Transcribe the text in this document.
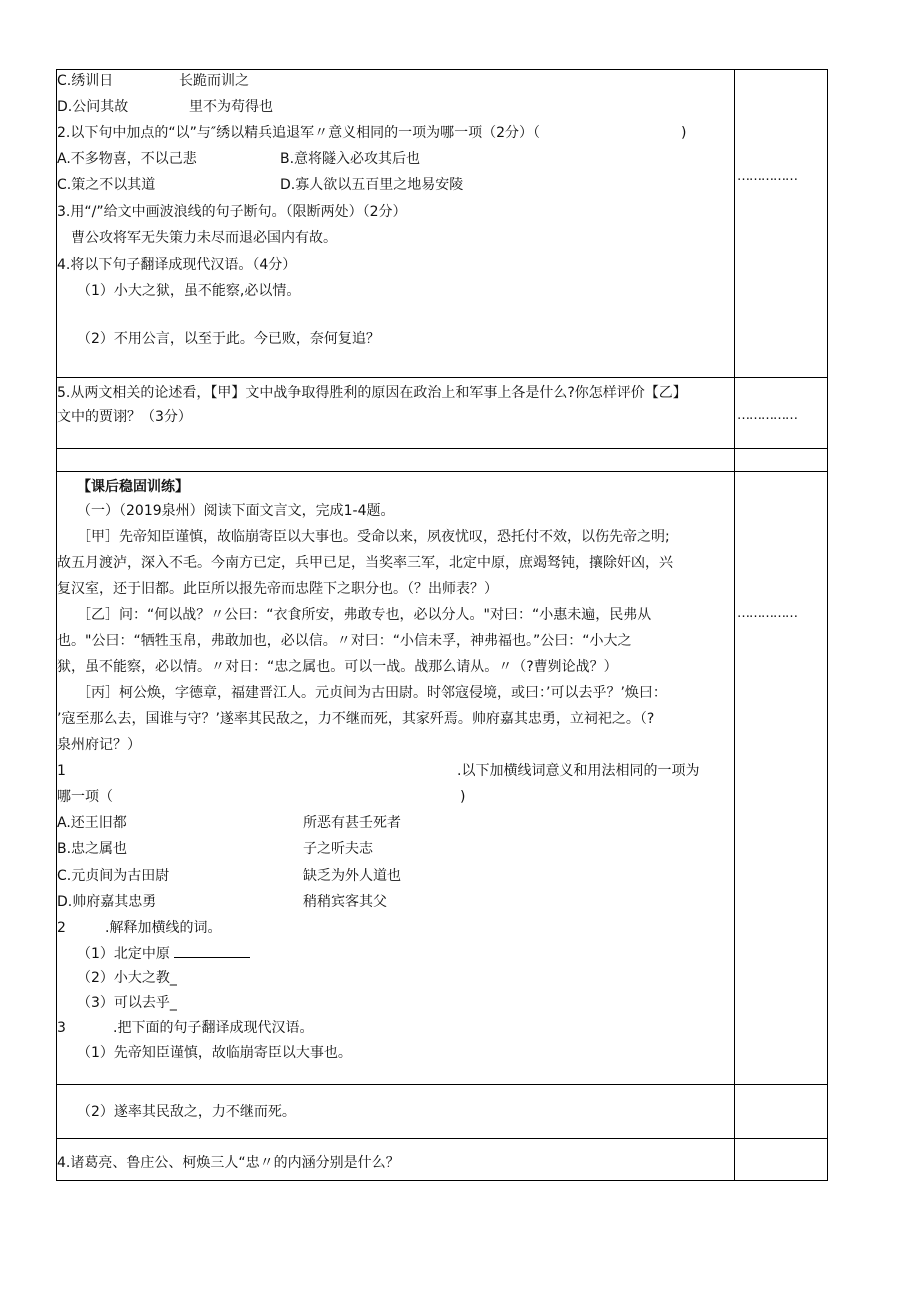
C.绣训日	长跪而训之
D.公问其故	里不为苟得也
2.以下句中加点的“以”与″绣以精兵追退军〃意义相同的一项为哪一项（2分）（	)
A.不多物喜，不以己悲	B.意将隧入必攻其后也
C.策之不以其道	D.寡人欲以五百里之地易安陵
3.用“/”给文中画波浪线的句子断句。（限断两处）（2分）
曹公攻将军无失策力未尽而退必国内有故。
4.将以下句子翻译成现代汉语。（4分）
（1）小大之狱，虽不能察,必以情。
（2）不用公言，以至于此。今已败，奈何复追？
……………
5.从两文相关的论述看，【甲】文中战争取得胜利的原因在政治上和军事上各是什么?你怎样评价【乙】
文中的贾诩？（3分）	……………
【课后稳固训练】
（一）（2019泉州）阅读下面文言文，完成1-4题。
［甲］先帝知臣谨慎，故临崩寄臣以大事也。受命以来，夙夜忧叹，恐托付不效，以伤先帝之明;
故五月渡泸，深入不毛。今南方已定，兵甲已足，当奖率三军，北定中原，庶竭驽钝，攘除奸凶，兴
复汉室，还于旧都。此臣所以报先帝而忠陛下之职分也。（？出师表？）
［乙］问：“何以战？〃公曰：“衣食所安，弗敢专也，必以分人。"对曰：“小惠未遍，民弗从
也。"公曰：“牺牲玉帛，弗敢加也，必以信。〃对曰：“小信未孚，神弗福也。”公曰：“小大之
狱，虽不能察，必以情。〃对日：“忠之属也。可以一战。战那么请从。〃（?曹刿论战？）
［丙］柯公焕，字德章，福建晋江人。元贞间为古田尉。时邻寇侵境，或曰：’可以去乎？’焕曰：
’寇至那么去，国谁与守？’遂率其民敌之，力不继而死，其家歼焉。帅府嘉其忠勇，立祠祀之。（?
泉州府记？）
1	.以下加横线词意义和用法相同的一项为
哪一项（	)
A.还王旧都	所恶有甚壬死者
B.忠之属也	子之听夫志
C.元贞间为古田尉	缺乏为外人道也
D.帅府嘉其忠勇	稍稍宾客其父
2	.解释加横线的词。
（1）北定中原
（2）小大之教_
（3）可以去乎_
3	.把下面的句子翻译成现代汉语。
（1）先帝知臣谨慎，故临崩寄臣以大事也。
……………
（2）遂率其民敌之，力不继而死。
4.诸葛亮、鲁庄公、柯焕三人“忠〃的内涵分别是什么？
